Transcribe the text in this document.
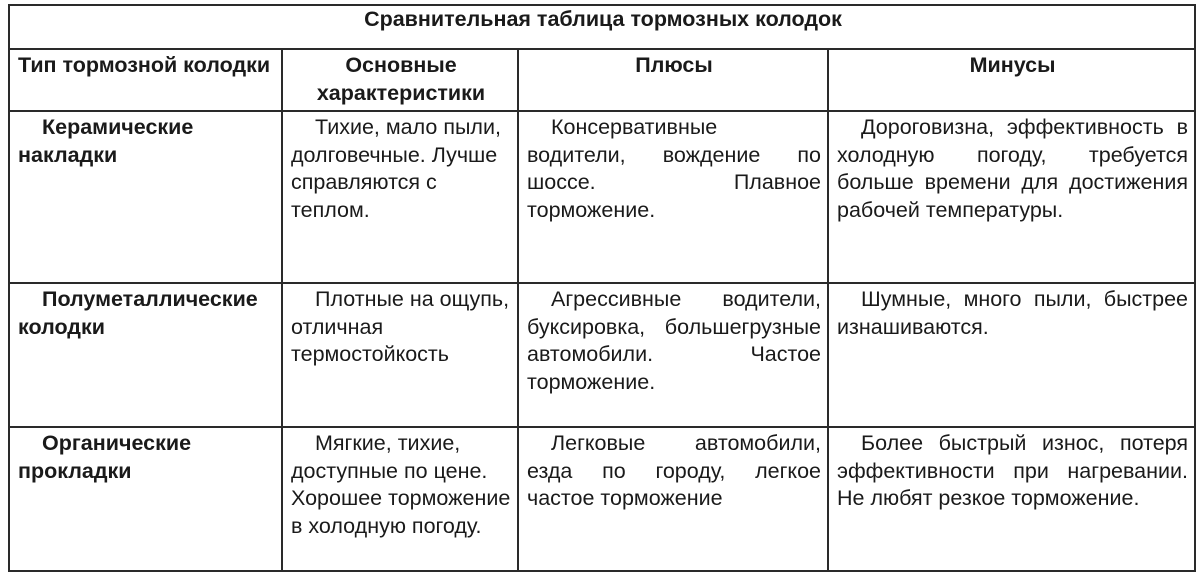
Сравнительная таблица тормозных колодок			
Тип тормозной колодки	Основные характеристики	Плюсы	Минусы
Керамические накладки	Тихие, мало пыли, долговечные. Лучше справляются с теплом.	Консервативные водители, вождение по шоссе. Плавное торможение.	Дороговизна, эффективность в холодную погоду, требуется больше времени для достижения рабочей температуры.
Полуметаллические колодки	Плотные на ощупь, отличная термостойкость	Агрессивные водители, буксировка, большегрузные автомобили. Частое торможение.	Шумные, много пыли, быстрее изнашиваются.
Органические прокладки	Мягкие, тихие, доступные по цене. Хорошее торможение в холодную погоду.	Легковые автомобили, езда по городу, легкое частое торможение	Более быстрый износ, потеря эффективности при нагревании. Не любят резкое торможение.
